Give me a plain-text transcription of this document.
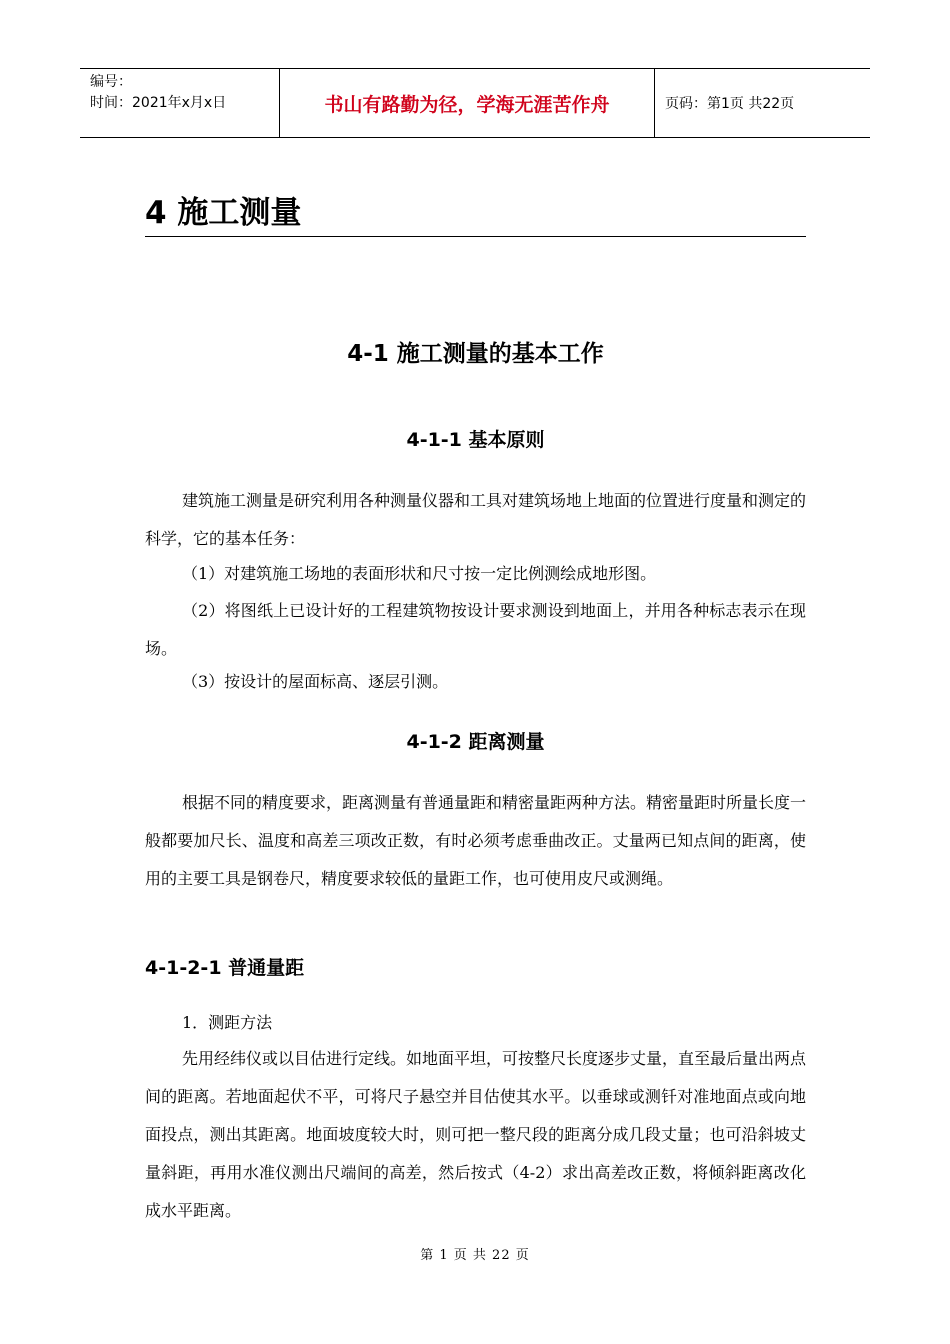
编号：
时间：2021年x月x日	书山有路勤为径，学海无涯苦作舟	页码：第1页 共22页
4 施工测量
4-1 施工测量的基本工作
4-1-1 基本原则

建筑施工测量是研究利用各种测量仪器和工具对建筑场地上地面的位置进行度量和测定的科学，它的基本任务：

（1）对建筑施工场地的表面形状和尺寸按一定比例测绘成地形图。

（2）将图纸上已设计好的工程建筑物按设计要求测设到地面上，并用各种标志表示在现场。

（3）按设计的屋面标高、逐层引测。

4-1-2 距离测量

根据不同的精度要求，距离测量有普通量距和精密量距两种方法。精密量距时所量长度一般都要加尺长、温度和高差三项改正数，有时必须考虑垂曲改正。丈量两已知点间的距离，使用的主要工具是钢卷尺，精度要求较低的量距工作，也可使用皮尺或测绳。

4-1-2-1 普通量距

1．测距方法

先用经纬仪或以目估进行定线。如地面平坦，可按整尺长度逐步丈量，直至最后量出两点间的距离。若地面起伏不平，可将尺子悬空并目估使其水平。以垂球或测钎对准地面点或向地面投点，测出其距离。地面坡度较大时，则可把一整尺段的距离分成几段丈量；也可沿斜坡丈量斜距，再用水准仪测出尺端间的高差，然后按式（4-2）求出高差改正数，将倾斜距离改化成水平距离。

第 1 页 共 22 页
